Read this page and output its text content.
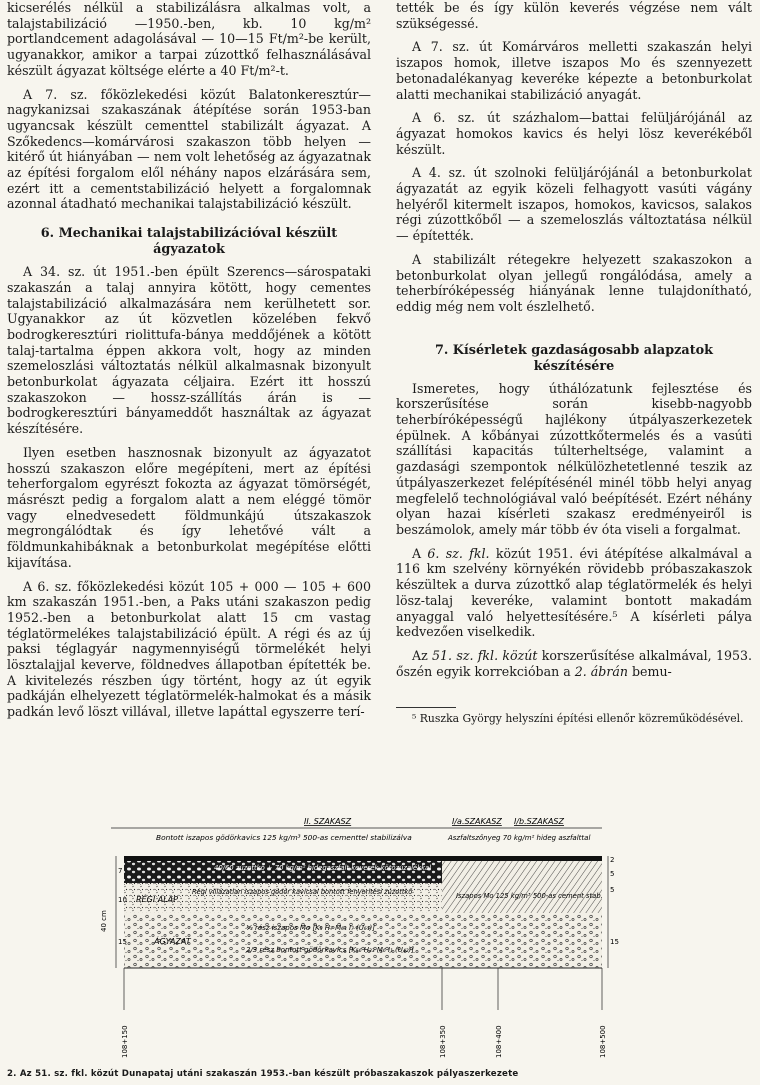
kicserélés nélkül a stabilizálásra alkalmas volt, a talajstabilizáció —1950.-ben, kb. 10 kg/m² portlandcement adagolásával — 10—15 Ft/m²-be került, ugyanakkor, amikor a tarpai zúzottkő felhasználásával készült ágyazat költsége elérte a 40 Ft/m²-t.

A 7. sz. főközlekedési közút Balatonkeresztúr—nagykanizsai szakaszának átépítése során 1953-ban ugyancsak készült cementtel stabilizált ágyazat. A Szőkedencs—komárvárosi szakaszon több helyen — kitérő út hiányában — nem volt lehetőség az ágyazatnak az építési forgalom elől néhány napos elzárására sem, ezért itt a cementstabilizáció helyett a forgalomnak azonnal átadható mechanikai talajstabilizáció készült.

6. Mechanikai talajstabilizációval készült ágyazatok

A 34. sz. út 1951.-ben épült Szerencs—sárospataki szakaszán a talaj annyira kötött, hogy cementes talajstabilizáció alkalmazására nem kerülhetett sor. Ugyanakkor az út közvetlen közelében fekvő bodrogkeresztúri riolittufa-bánya meddőjének a kötött talaj-tartalma éppen akkora volt, hogy az minden szemeloszlási változtatás nélkül alkalmasnak bizonyult betonburkolat ágyazata céljaira. Ezért itt hosszú szakaszokon — hossz-szállítás árán is — bodrogkeresztúri bányameddőt használtak az ágyazat készítésére.

Ilyen esetben hasznosnak bizonyult az ágyazatot hosszú szakaszon előre megépíteni, mert az építési teherforgalom egyrészt fokozta az ágyazat tömörségét, másrészt pedig a forgalom alatt a nem eléggé tömör vagy elnedvesedett földmunkájú útszakaszok megrongálódtak és így lehetővé vált a földmunkahibáknak a betonburkolat megépítése előtti kijavítása.

A 6. sz. főközlekedési közút 105 + 000 — 105 + 600 km szakaszán 1951.-ben, a Paks utáni szakaszon pedig 1952.-ben a betonburkolat alatt 15 cm vastag téglatörmelékes talajstabilizáció épült. A régi és az új paksi téglagyár nagymennyiségű törmelékét helyi lösztalajjal keverve, földnedves állapotban építették be. A kivitelezés részben úgy történt, hogy az út egyik padkáján elhelyezett téglatörmelék-halmokat és a másik padkán levő löszt villával, illetve lapáttal egyszerre terí-

tették be és így külön keverés végzése nem vált szükségessé.

A 7. sz. út Komárváros melletti szakaszán helyi iszapos homok, illetve iszapos Mo és szennyezett betonadalékanyag keveréke képezte a betonburkolat alatti mechanikai stabilizáció anyagát.

A 6. sz. út százhalom—battai felüljárójánál az ágyazat homokos kavics és helyi lösz keverékéből készült.

A 4. sz. út szolnoki felüljárójánál a betonburkolat ágyazatát az egyik közeli felhagyott vasúti vágány helyéről kitermelt iszapos, homokos, kavicsos, salakos régi zúzottkőből — a szemeloszlás változtatása nélkül — építették.

A stabilizált rétegekre helyezett szakaszokon a betonburkolat olyan jellegű rongálódása, amely a teherbíróképesség hiányának lenne tulajdonítható, eddig még nem volt észlelhető.

7. Kísérletek gazdaságosabb alapzatok készítésére

Ismeretes, hogy úthálózatunk fejlesztése és korszerűsítése során kisebb-nagyobb teherbíróképességű hajlékony útpályaszerkezetek épülnek. A kőbányai zúzottkőtermelés és a vasúti szállítási kapacitás túlterheltsége, valamint a gazdasági szempontok nélkülözhetetlenné teszik az útpályaszerkezet felépítésénél minél több helyi anyag megfelelő technológiával való beépítését. Ezért néhány olyan hazai kísérleti szakasz eredményeiről is beszámolok, amely már több év óta viseli a forgalmat.

A 6. sz. fkl. közút 1951. évi átépítése alkalmával a 116 km szelvény környékén rövidebb próbaszakaszok készültek a durva zúzottkő alap téglatörmelék és helyi lösz-talaj keveréke, valamint bontott makadám anyaggal való helyettesítésére.⁵ A kísérleti pálya kedvezően viselkedik.

Az 51. sz. fkl. közút korszerűsítése alkalmával, 1953. őszén egyik korrekcióban a 2. ábrán bemu-

⁵ Ruszka György helyszíni építési ellenőr közreműködésével.

II. SZAKASZ	I/a.SZAKASZ I/b.SZAKASZ
Bontott iszapos gödörkavics 125 kg/m³ 500-as cementtel stabilizálva	Aszfaltszőnyeg 70 kg/m² hideg aszfalttal
40/60 zúzottkő + 70 kg/m² hidegaszfalt keverék kötőzúzalékkal
RÉGI ALAP
Régi villázatlan iszapos gödör kavicsal bontott fenyeritési zúzottkő	Iszapos Mo 125 kg/m³ 500-as cement stab.
ÁGYAZAT
⅓ rész iszapos Mo [K₅ H₇ M₆₁ I₇ (U₆₁)]
2/3 rész bontott gödörkavics [K₅₆ H₃₃ M₆ I₁ (U₄₂)]
7
10
15
40 cm
2
5
5
15
108+150	108+350	108+400	108+500
2. Az 51. sz. fkl. közút Dunapataj utáni szakaszán 1953.-ban készült próbaszakaszok pályaszerkezete
